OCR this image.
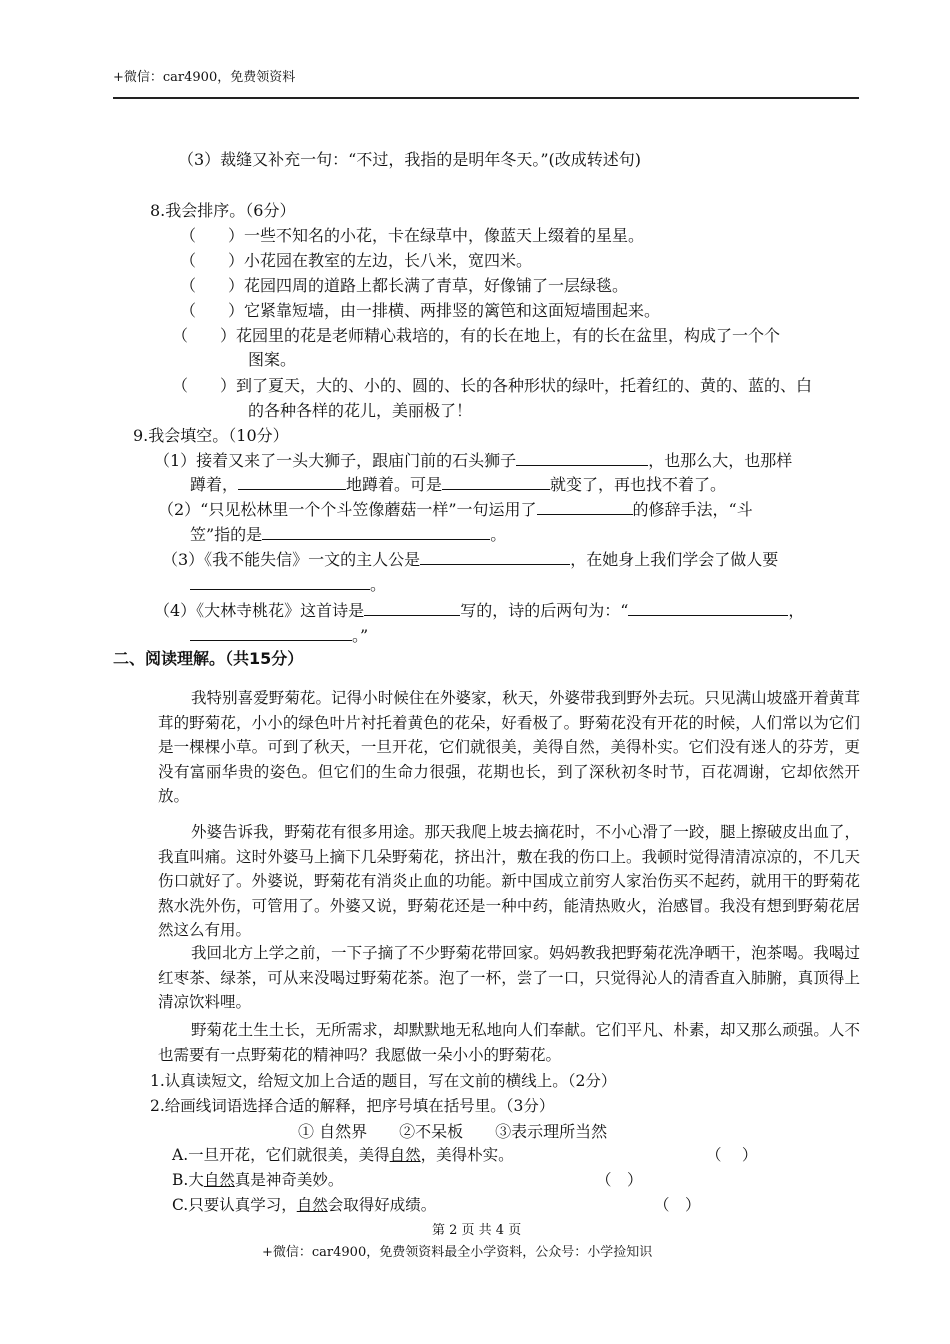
+微信：car4900，免费领资料
（3）裁缝又补充一句：“不过，我指的是明年冬天。”(改成转述句)
8.我会排序。（6分）
（　　）一些不知名的小花，卡在绿草中，像蓝天上缀着的星星。
（　　）小花园在教室的左边，长八米，宽四米。
（　　）花园四周的道路上都长满了青草，好像铺了一层绿毯。
（　　）它紧靠短墙，由一排横、两排竖的篱笆和这面短墙围起来。
（　　）花园里的花是老师精心栽培的，有的长在地上，有的长在盆里，构成了一个个
图案。
（　　）到了夏天，大的、小的、圆的、长的各种形状的绿叶，托着红的、黄的、蓝的、白
的各种各样的花儿，美丽极了！
9.我会填空。（10分）
（1）接着又来了一头大狮子，跟庙门前的石头狮子	，也那么大，也那样
蹲着，	地蹲着。可是	就变了，再也找不着了。
（2）“只见松林里一个个斗笠像蘑菇一样”一句运用了	的修辞手法，“斗
笠”指的是	。
（3）《我不能失信》一文的主人公是	，在她身上我们学会了做人要
。
（4）《大林寺桃花》这首诗是	写的，诗的后两句为：“	，
。”
二、阅读理解。（共15分）
我特别喜爱野菊花。记得小时候住在外婆家，秋天，外婆带我到野外去玩。只见满山坡盛开着黄茸茸的野菊花，小小的绿色叶片衬托着黄色的花朵，好看极了。野菊花没有开花的时候，人们常以为它们是一棵棵小草。可到了秋天，一旦开花，它们就很美，美得自然，美得朴实。它们没有迷人的芬芳，更没有富丽华贵的姿色。但它们的生命力很强，花期也长，到了深秋初冬时节，百花凋谢，它却依然开放。
外婆告诉我，野菊花有很多用途。那天我爬上坡去摘花时，不小心滑了一跤，腿上擦破皮出血了，我直叫痛。这时外婆马上摘下几朵野菊花，挤出汁，敷在我的伤口上。我顿时觉得清清凉凉的，不几天伤口就好了。外婆说，野菊花有消炎止血的功能。新中国成立前穷人家治伤买不起药，就用干的野菊花熬水洗外伤，可管用了。外婆又说，野菊花还是一种中药，能清热败火，治感冒。我没有想到野菊花居然这么有用。
我回北方上学之前，一下子摘了不少野菊花带回家。妈妈教我把野菊花洗净晒干，泡茶喝。我喝过红枣茶、绿茶，可从来没喝过野菊花茶。泡了一杯，尝了一口，只觉得沁人的清香直入肺腑，真顶得上清凉饮料哩。
野菊花土生土长，无所需求，却默默地无私地向人们奉献。它们平凡、朴素，却又那么顽强。人不也需要有一点野菊花的精神吗？我愿做一朵小小的野菊花。
1.认真读短文，给短文加上合适的题目，写在文前的横线上。（2分）
2.给画线词语选择合适的解释，把序号填在括号里。（3分）
① 自然界　　②不呆板　　③表示理所当然
A.一旦开花，它们就很美，美得自然，美得朴实。	（　 ）
B.大自然真是神奇美妙。	（　）
C.只要认真学习，自然会取得好成绩。	（　）
第 2 页 共 4 页
+微信：car4900，免费领资料最全小学资料，公众号：小学捡知识
